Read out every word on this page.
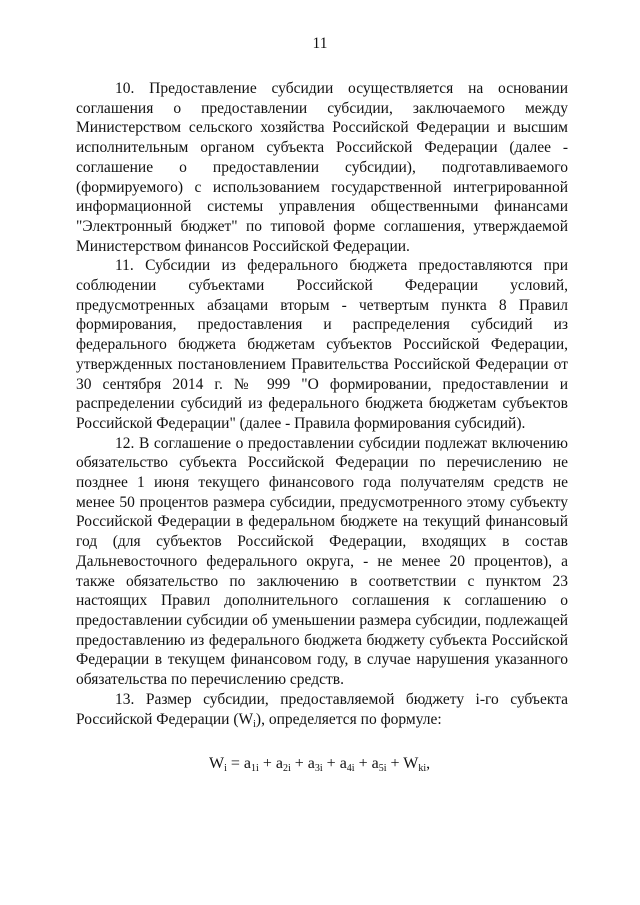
11

10. Предоставление субсидии осуществляется на основании соглашения о предоставлении субсидии, заключаемого между Министерством сельского хозяйства Российской Федерации и высшим исполнительным органом субъекта Российской Федерации (далее - соглашение о предоставлении субсидии), подготавливаемого (формируемого) с использованием государственной интегрированной информационной системы управления общественными финансами "Электронный бюджет" по типовой форме соглашения, утверждаемой Министерством финансов Российской Федерации.

11. Субсидии из федерального бюджета предоставляются при соблюдении субъектами Российской Федерации условий, предусмотренных абзацами вторым - четвертым пункта 8 Правил формирования, предоставления и распределения субсидий из федерального бюджета бюджетам субъектов Российской Федерации, утвержденных постановлением Правительства Российской Федерации от 30 сентября 2014 г. № 999 "О формировании, предоставлении и распределении субсидий из федерального бюджета бюджетам субъектов Российской Федерации" (далее - Правила формирования субсидий).

12. В соглашение о предоставлении субсидии подлежат включению обязательство субъекта Российской Федерации по перечислению не позднее 1 июня текущего финансового года получателям средств не менее 50 процентов размера субсидии, предусмотренного этому субъекту Российской Федерации в федеральном бюджете на текущий финансовый год (для субъектов Российской Федерации, входящих в состав Дальневосточного федерального округа, - не менее 20 процентов), а также обязательство по заключению в соответствии с пунктом 23 настоящих Правил дополнительного соглашения к соглашению о предоставлении субсидии об уменьшении размера субсидии, подлежащей предоставлению из федерального бюджета бюджету субъекта Российской Федерации в текущем финансовом году, в случае нарушения указанного обязательства по перечислению средств.

13. Размер субсидии, предоставляемой бюджету i-го субъекта Российской Федерации (Wi), определяется по формуле:

$W_i = a_{1i} + a_{2i} + a_{3i} + a_{4i} + a_{5i} + W_{ki}$,
